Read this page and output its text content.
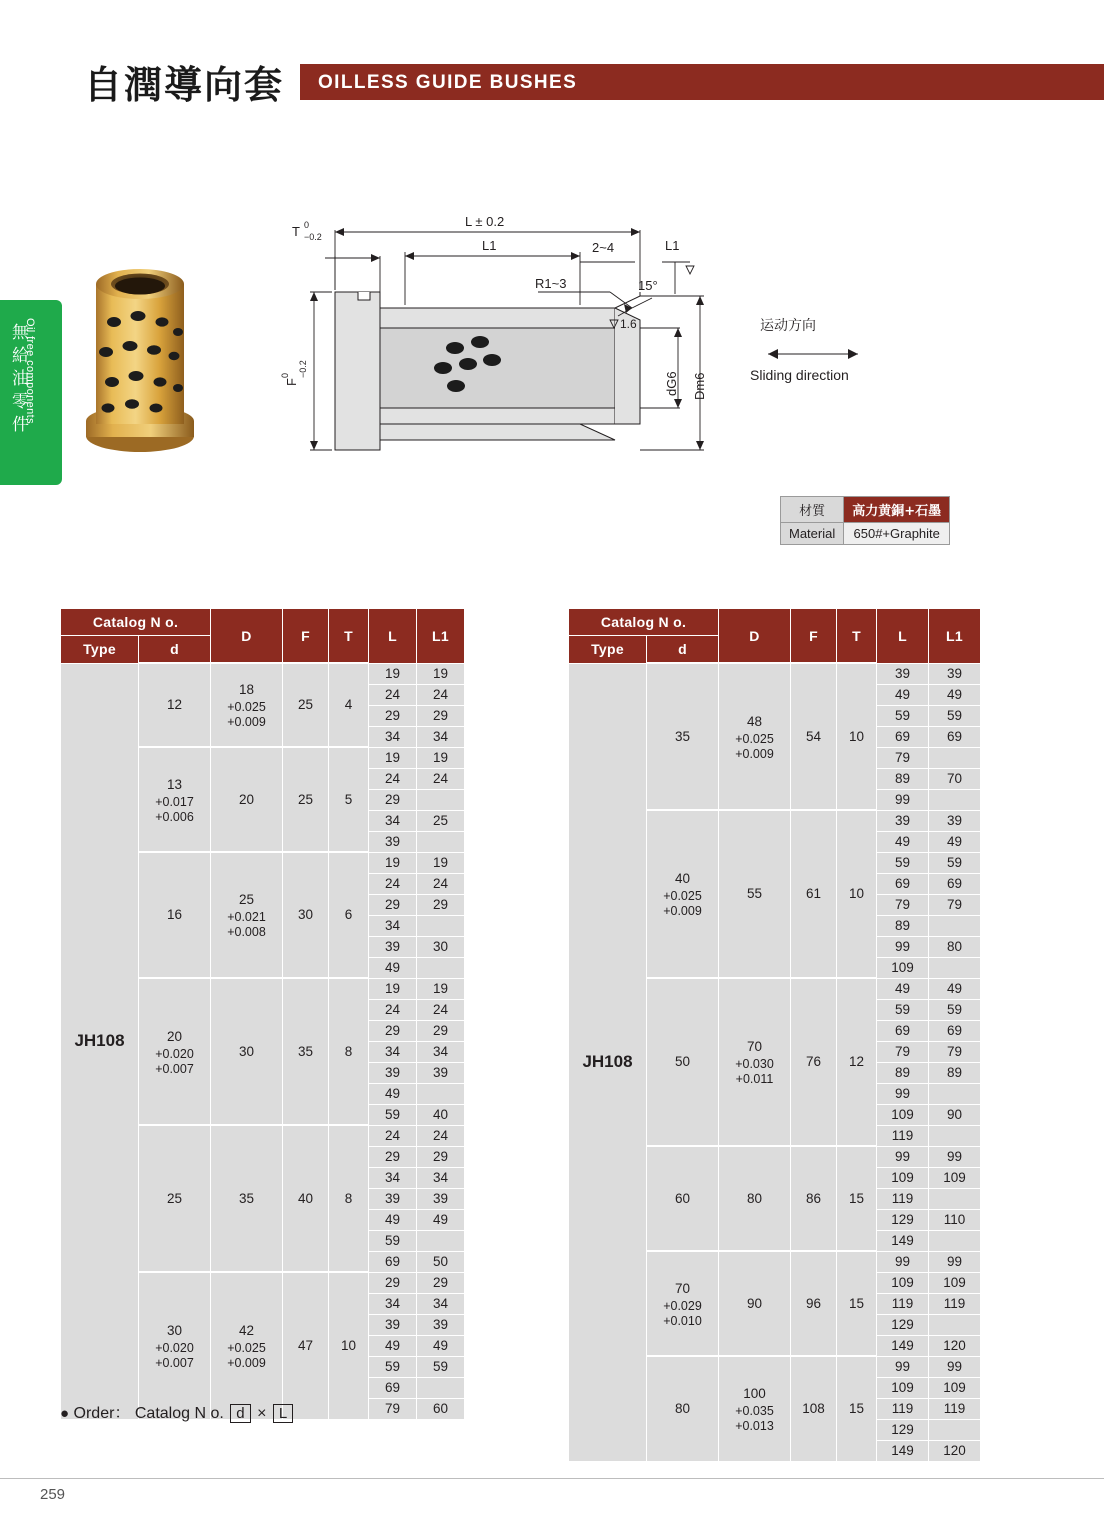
自潤導向套 OILLESS GUIDE BUSHES
無給油零件
Oil free components
L ± 0.2
L1
T 0
−0.2
2~4	L1
R1~3	15°
1.6	运动方向
Sliding direction
F
0 −0.2
dG6 Dm6
材質	高力黄銅+石墨
Material	650#+Graphite
Catalog N o.		D	F	T	L	L1
Type	d					
JH108	12	18
+0.025
+0.009	25	4	19	19
					24	24
					29	29
					34	34
	13
+0.017
+0.006	20	25	5	19	19
					24	24
					29	
					34	25
					39	
	16	25
+0.021
+0.008	30	6	19	19
					24	24
					29	29
					34	
					39	30
					49	
	20
+0.020
+0.007	30	35	8	19	19
					24	24
					29	29
					34	34
					39	39
					49	
					59	40
	25	35	40	8	24	24
					29	29
					34	34
					39	39
					49	49
					59	
					69	50
30
+0.020
+0.007
	42
+0.025
+0.009
	47	10	29	29
					34	34
					39	39
					49	49
					59	59
					69	
					79	60
Catalog N o.		D	F	T	L	L1
Type	d					
JH108	35	48
+0.025
+0.009	54	10	39	39
					49	49
					59	59
					69	69
					79	
					89	70
					99	
	40
+0.025
+0.009	55	61	10	39	39
					49	49
					59	59
					69	69
					79	79
					89	
					99	80
					109	
	50	70
+0.030
+0.011	76	12	49	49
					59	59
					69	69
					79	79
					89	89
					99	
					109	90
					119	
	60	80	86	15	99	99
					109	109
					119	
					129	110
					149	
	70
+0.029
+0.010	90	96	15	99	99
					109	109
					119	119
					129	
					149	120
	80	100
+0.035
+0.013	108	15	99	99
					109	109
					119	119
					129	
					149	120
● Order： Catalog N o. d × L
259
